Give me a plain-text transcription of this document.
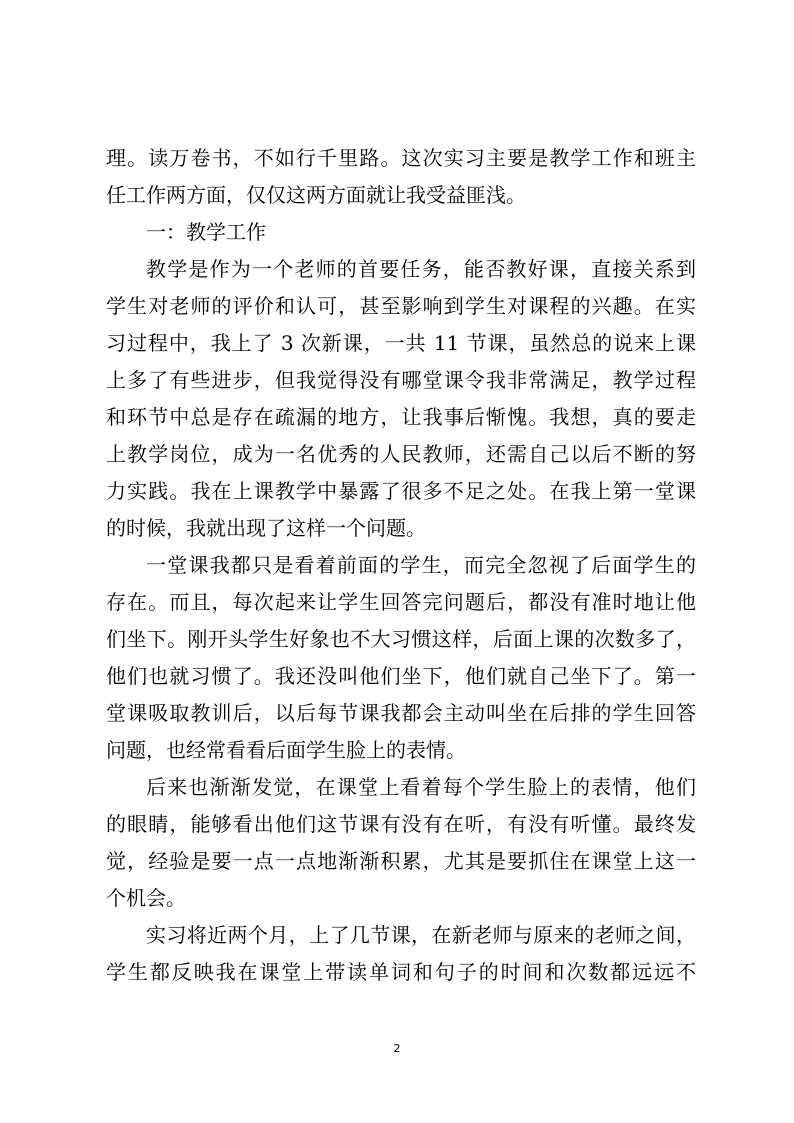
理。读万卷书，不如行千里路。这次实习主要是教学工作和班主
任工作两方面，仅仅这两方面就让我受益匪浅。
一：教学工作
教学是作为一个老师的首要任务，能否教好课，直接关系到
学生对老师的评价和认可，甚至影响到学生对课程的兴趣。在实
习过程中，我上了 3 次新课，一共 11 节课，虽然总的说来上课
上多了有些进步，但我觉得没有哪堂课令我非常满足，教学过程
和环节中总是存在疏漏的地方，让我事后惭愧。我想，真的要走
上教学岗位，成为一名优秀的人民教师，还需自己以后不断的努
力实践。我在上课教学中暴露了很多不足之处。在我上第一堂课
的时候，我就出现了这样一个问题。
一堂课我都只是看着前面的学生，而完全忽视了后面学生的
存在。而且，每次起来让学生回答完问题后，都没有准时地让他
们坐下。刚开头学生好象也不大习惯这样，后面上课的次数多了，
他们也就习惯了。我还没叫他们坐下，他们就自己坐下了。第一
堂课吸取教训后，以后每节课我都会主动叫坐在后排的学生回答
问题，也经常看看后面学生脸上的表情。
后来也渐渐发觉，在课堂上看着每个学生脸上的表情，他们
的眼睛，能够看出他们这节课有没有在听，有没有听懂。最终发
觉，经验是要一点一点地渐渐积累，尤其是要抓住在课堂上这一
个机会。
实习将近两个月，上了几节课，在新老师与原来的老师之间，
学生都反映我在课堂上带读单词和句子的时间和次数都远远不
2
